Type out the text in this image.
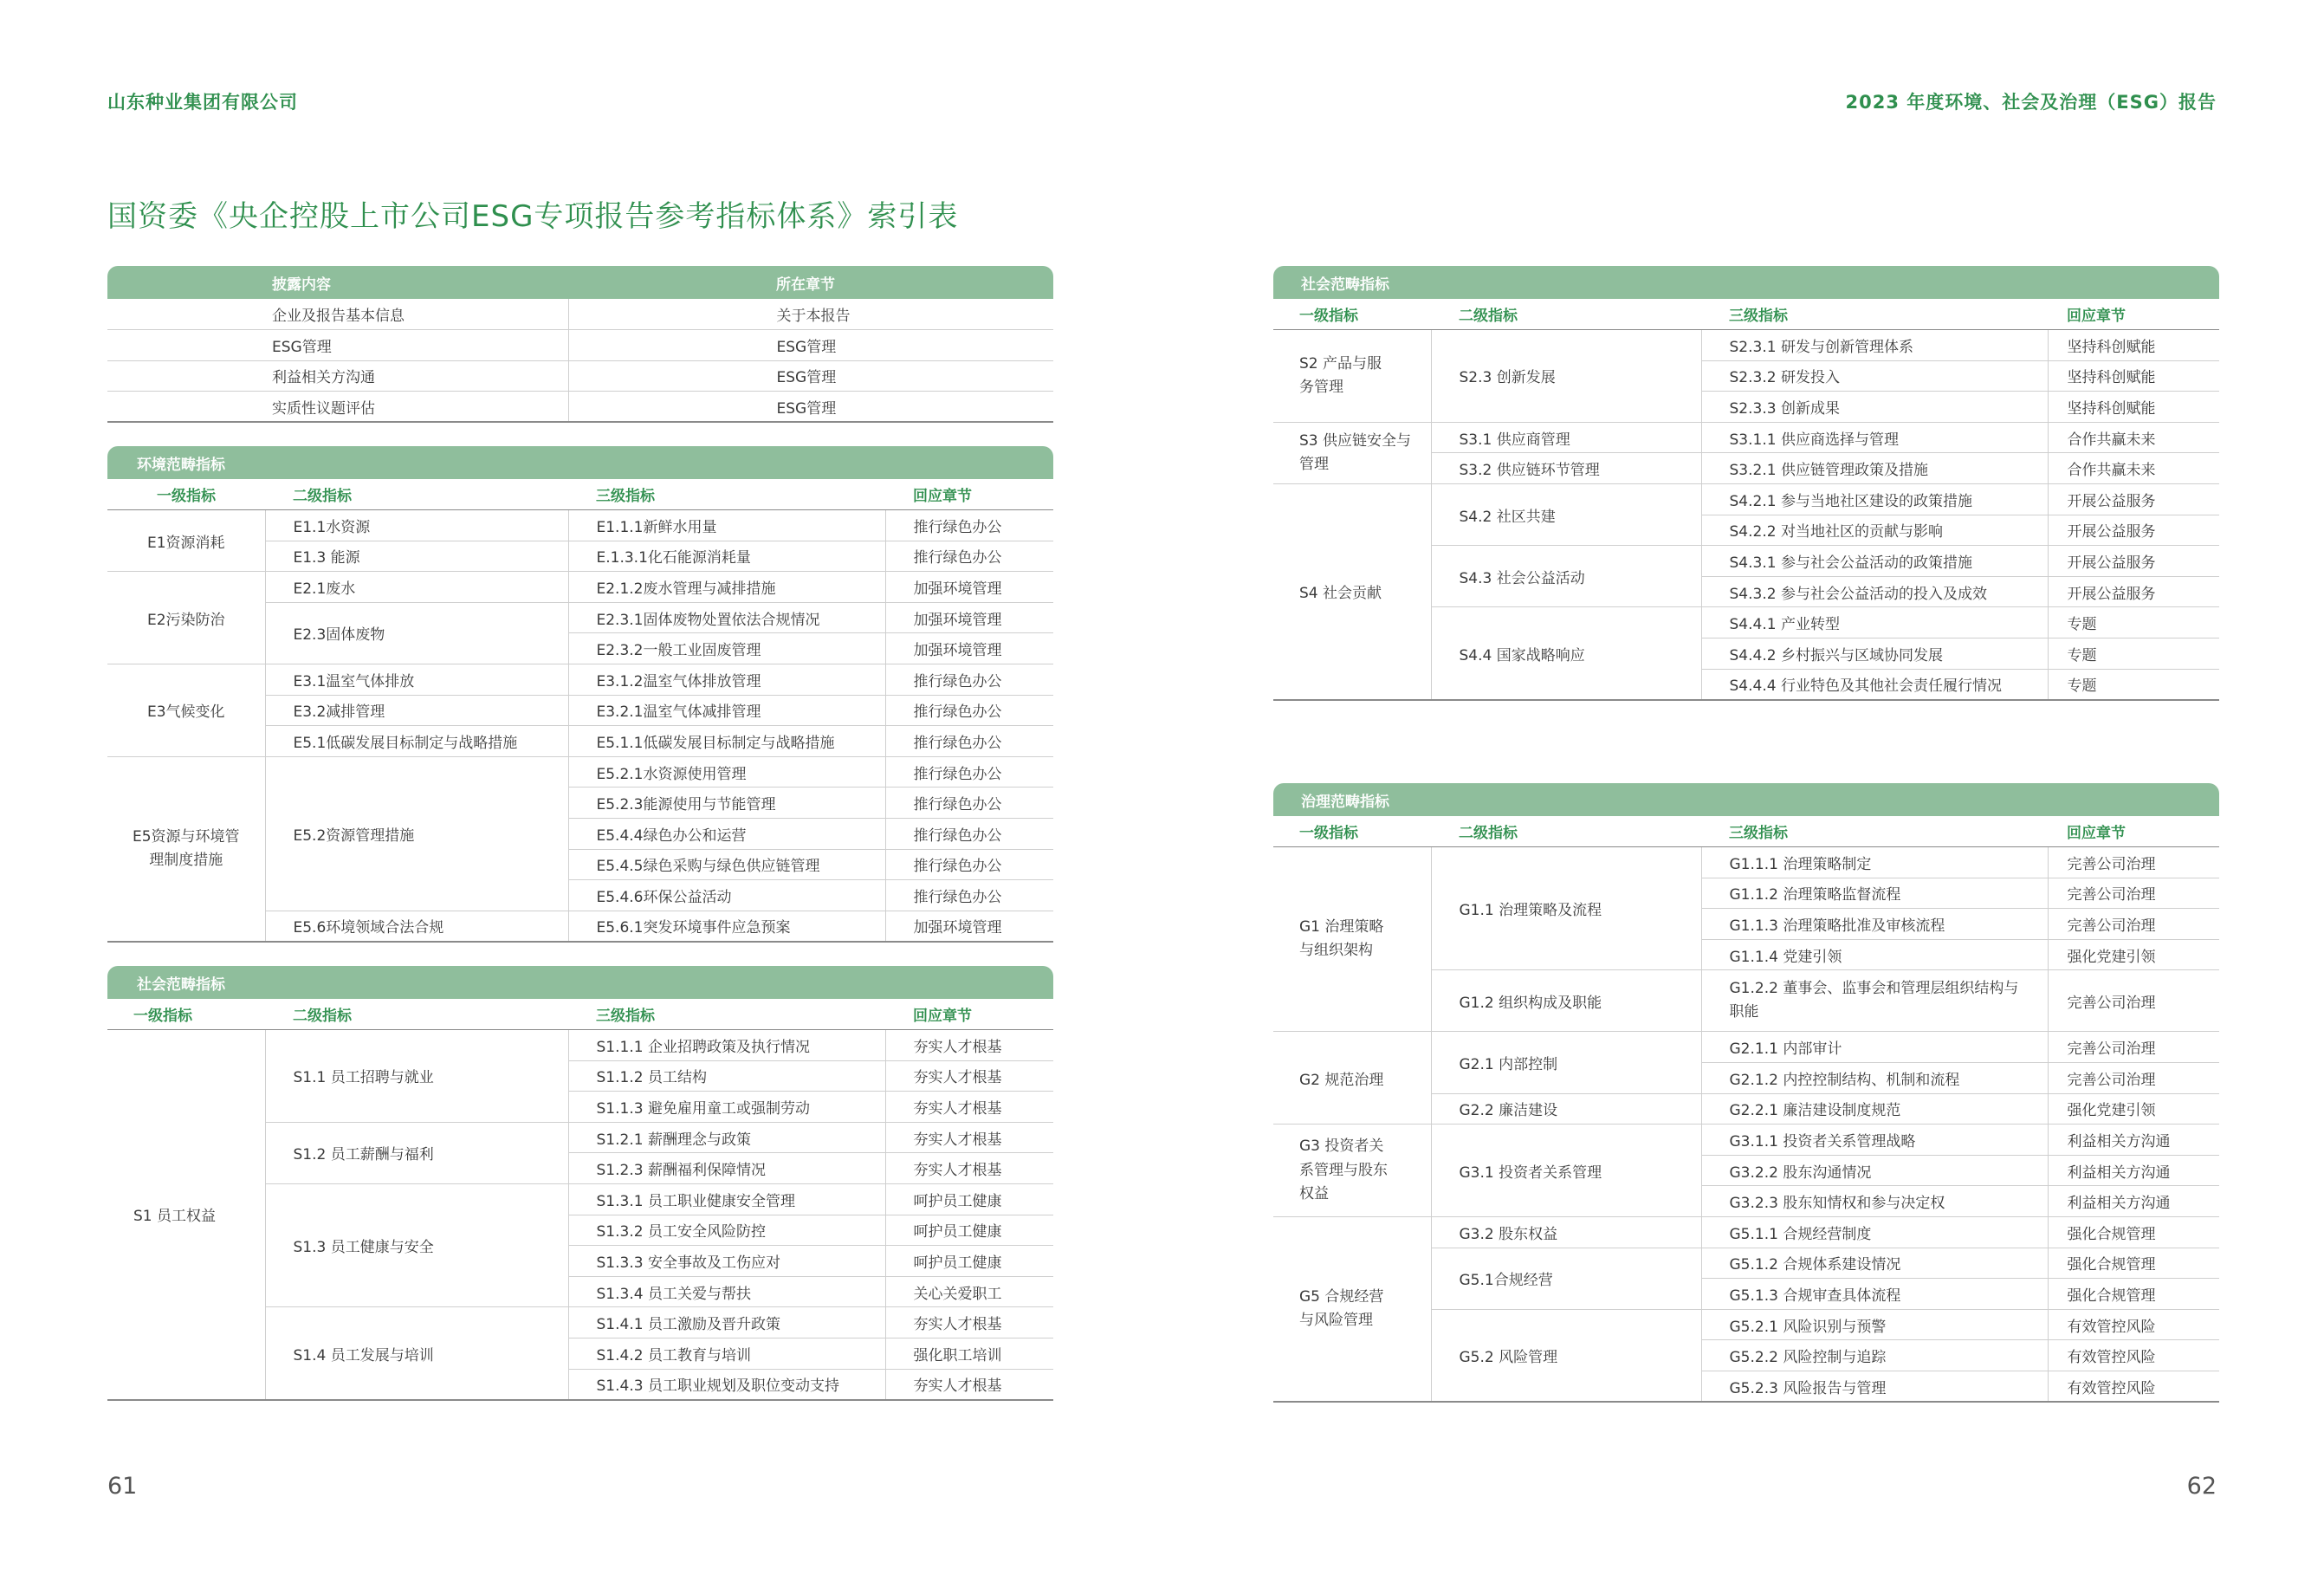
山东种业集团有限公司	2023 年度环境、社会及治理（ESG）报告
国资委《央企控股上市公司ESG专项报告参考指标体系》索引表
披露内容	所在章节
企业及报告基本信息	关于本报告
ESG管理	ESG管理
利益相关方沟通	ESG管理
实质性议题评估	ESG管理
环境范畴指标			
一级指标	二级指标	三级指标	回应章节
E1资源消耗	E1.1水资源	E1.1.1新鲜水用量	推行绿色办公
	E1.3 能源	E.1.3.1化石能源消耗量	推行绿色办公
E2污染防治	E2.1废水	E2.1.2废水管理与减排措施	加强环境管理
	E2.3固体废物	E2.3.1固体废物处置依法合规情况	加强环境管理
		E2.3.2一般工业固废管理	加强环境管理
E3气候变化	E3.1温室气体排放	E3.1.2温室气体排放管理	推行绿色办公
	E3.2减排管理	E3.2.1温室气体减排管理	推行绿色办公
	E5.1低碳发展目标制定与战略措施	E5.1.1低碳发展目标制定与战略措施	推行绿色办公
E5资源与环境管理制度措施	E5.2资源管理措施	E5.2.1水资源使用管理	推行绿色办公
		E5.2.3能源使用与节能管理	推行绿色办公
		E5.4.4绿色办公和运营	推行绿色办公
		E5.4.5绿色采购与绿色供应链管理	推行绿色办公
		E5.4.6环保公益活动	推行绿色办公
	E5.6环境领域合法合规	E5.6.1突发环境事件应急预案	加强环境管理
社会范畴指标			
一级指标	二级指标	三级指标	回应章节
S1 员工权益	S1.1 员工招聘与就业	S1.1.1 企业招聘政策及执行情况	夯实人才根基
		S1.1.2 员工结构	夯实人才根基
		S1.1.3 避免雇用童工或强制劳动	夯实人才根基
	S1.2 员工薪酬与福利	S1.2.1 薪酬理念与政策	夯实人才根基
		S1.2.3 薪酬福利保障情况	夯实人才根基
	S1.3 员工健康与安全	S1.3.1 员工职业健康安全管理	呵护员工健康
		S1.3.2 员工安全风险防控	呵护员工健康
		S1.3.3 安全事故及工伤应对	呵护员工健康
		S1.3.4 员工关爱与帮扶	关心关爱职工
	S1.4 员工发展与培训	S1.4.1 员工激励及晋升政策	夯实人才根基
		S1.4.2 员工教育与培训	强化职工培训
		S1.4.3 员工职业规划及职位变动支持	夯实人才根基
社会范畴指标			
一级指标	二级指标	三级指标	回应章节
S2 产品与服务管理	S2.3 创新发展	S2.3.1 研发与创新管理体系	坚持科创赋能
		S2.3.2 研发投入	坚持科创赋能
		S2.3.3 创新成果	坚持科创赋能
S3 供应链安全与管理	S3.1 供应商管理	S3.1.1 供应商选择与管理	合作共赢未来
	S3.2 供应链环节管理	S3.2.1 供应链管理政策及措施	合作共赢未来
S4 社会贡献	S4.2 社区共建	S4.2.1 参与当地社区建设的政策措施	开展公益服务
		S4.2.2 对当地社区的贡献与影响	开展公益服务
	S4.3 社会公益活动	S4.3.1 参与社会公益活动的政策措施	开展公益服务
		S4.3.2 参与社会公益活动的投入及成效	开展公益服务
	S4.4 国家战略响应	S4.4.1 产业转型	专题
		S4.4.2 乡村振兴与区域协同发展	专题
		S4.4.4 行业特色及其他社会责任履行情况	专题
治理范畴指标			
一级指标	二级指标	三级指标	回应章节
G1 治理策略与组织架构	G1.1 治理策略及流程	G1.1.1 治理策略制定	完善公司治理
		G1.1.2 治理策略监督流程	完善公司治理
		G1.1.3 治理策略批准及审核流程	完善公司治理
		G1.1.4 党建引领	强化党建引领
	G1.2 组织构成及职能	G1.2.2 董事会、监事会和管理层组织结构与职能	完善公司治理
G2 规范治理	G2.1 内部控制	G2.1.1 内部审计	完善公司治理
		G2.1.2 内控控制结构、机制和流程	完善公司治理
	G2.2 廉洁建设	G2.2.1 廉洁建设制度规范	强化党建引领
G3 投资者关系管理与股东权益	G3.1 投资者关系管理	G3.1.1 投资者关系管理战略	利益相关方沟通
		G3.2.2 股东沟通情况	利益相关方沟通
		G3.2.3 股东知情权和参与决定权	利益相关方沟通
G5 合规经营与风险管理	G3.2 股东权益	G5.1.1 合规经营制度	强化合规管理
	G5.1合规经营	G5.1.2 合规体系建设情况	强化合规管理
		G5.1.3 合规审查具体流程	强化合规管理
	G5.2 风险管理	G5.2.1 风险识别与预警	有效管控风险
		G5.2.2 风险控制与追踪	有效管控风险
		G5.2.3 风险报告与管理	有效管控风险
61	62
